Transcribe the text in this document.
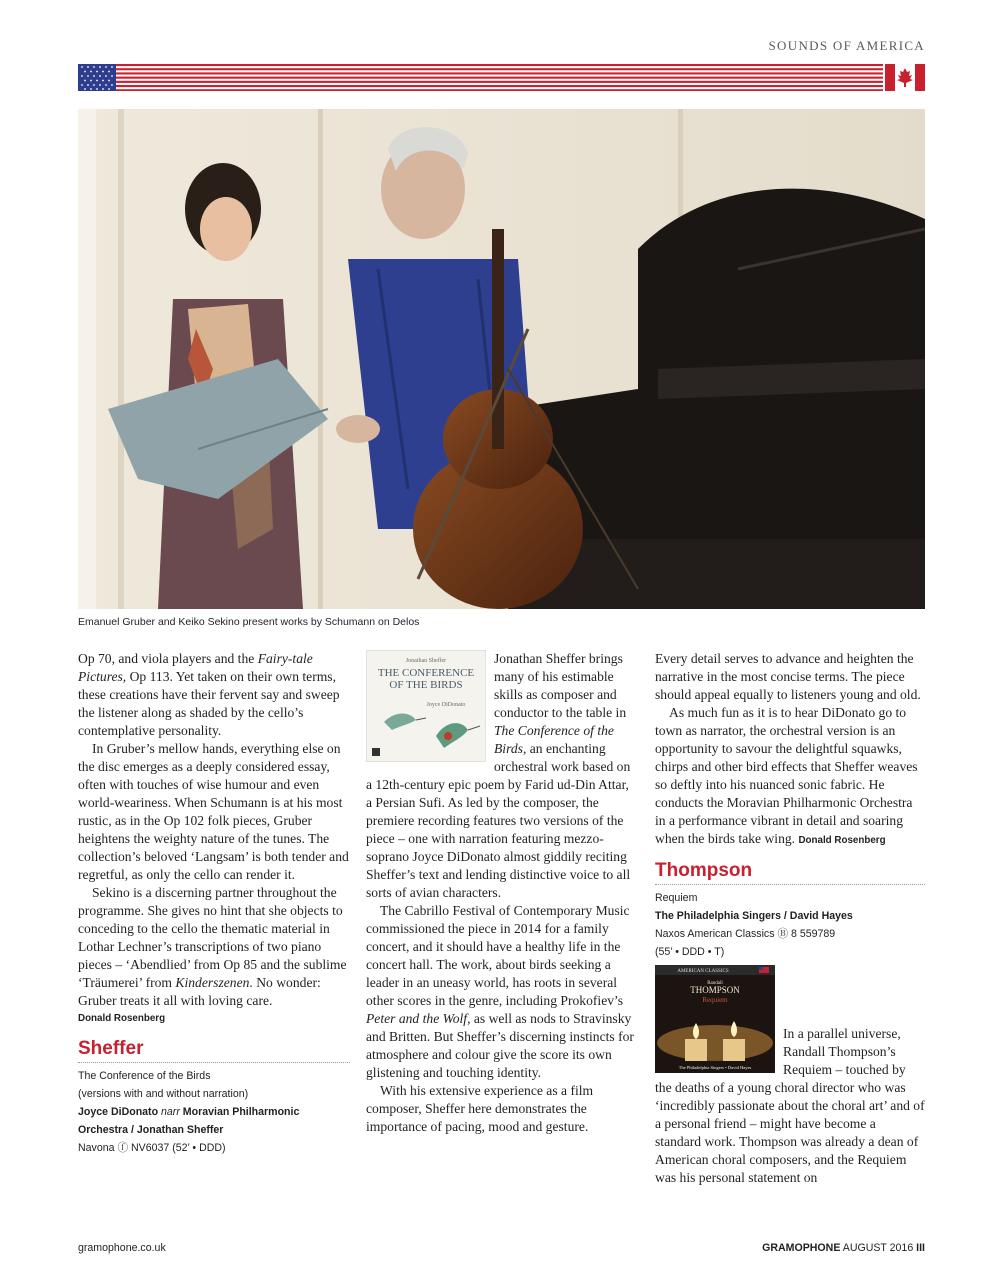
SOUNDS OF AMERICA
Emanuel Gruber and Keiko Sekino present works by Schumann on Delos

Op 70, and viola players and the Fairy-tale Pictures, Op 113. Yet taken on their own terms, these creations have their fervent say and sweep the listener along as shaded by the cello’s contemplative personality.

In Gruber’s mellow hands, everything else on the disc emerges as a deeply considered essay, often with touches of wise humour and even world-weariness. When Schumann is at his most rustic, as in the Op 102 folk pieces, Gruber heightens the weighty nature of the tunes. The collection’s beloved ‘Langsam’ is both tender and regretful, as only the cello can render it.

Sekino is a discerning partner throughout the programme. She gives no hint that she objects to conceding to the cello the thematic material in Lothar Lechner’s transcriptions of two piano pieces – ‘Abendlied’ from Op 85 and the sublime ‘Träumerei’ from Kinderszenen. No wonder: Gruber treats it all with loving care.

Donald Rosenberg
Sheffer
The Conference of the Birds
(versions with and without narration)
Joyce DiDonato narr Moravian Philharmonic Orchestra / Jonathan Sheffer
Navona ⓕ NV6037 (52’ • DDD)
Jonathan Sheffer
THE CONFERENCE
OF THE BIRDS
Joyce DiDonato

Jonathan Sheffer brings many of his estimable skills as composer and conductor to the table in The Conference of the Birds, an enchanting orchestral work based on a 12th-century epic poem by Farid ud-Din Attar, a Persian Sufi. As led by the composer, the premiere recording features two versions of the piece – one with narration featuring mezzo-soprano Joyce DiDonato almost giddily reciting Sheffer’s text and lending distinctive voice to all sorts of avian characters.

The Cabrillo Festival of Contemporary Music commissioned the piece in 2014 for a family concert, and it should have a healthy life in the concert hall. The work, about birds seeking a leader in an uneasy world, has roots in several other scores in the genre, including Prokofiev’s Peter and the Wolf, as well as nods to Stravinsky and Britten. But Sheffer’s discerning instincts for atmosphere and colour give the score its own glistening and touching identity.

With his extensive experience as a film composer, Sheffer here demonstrates the importance of pacing, mood and gesture.

Every detail serves to advance and heighten the narrative in the most concise terms. The piece should appeal equally to listeners young and old.

As much fun as it is to hear DiDonato go to town as narrator, the orchestral version is an opportunity to savour the delightful squawks, chirps and other bird effects that Sheffer weaves so deftly into his nuanced sonic fabric. He conducts the Moravian Philharmonic Orchestra in a performance vibrant in detail and soaring when the birds take wing. Donald Rosenberg

Thompson
Requiem
The Philadelphia Singers / David Hayes
Naxos American Classics Ⓑ 8 559789
(55’ • DDD • T)
AMERICAN CLASSICS
Randall
THOMPSON
Requiem
The Philadelphia Singers • David Hayes

In a parallel universe, Randall Thompson’s Requiem – touched by the deaths of a young choral director who was ‘incredibly passionate about the choral art’ and of a personal friend – might have become a standard work. Thompson was already a dean of American choral composers, and the Requiem was his personal statement on

gramophone.co.uk	GRAMOPHONE AUGUST 2016 III
